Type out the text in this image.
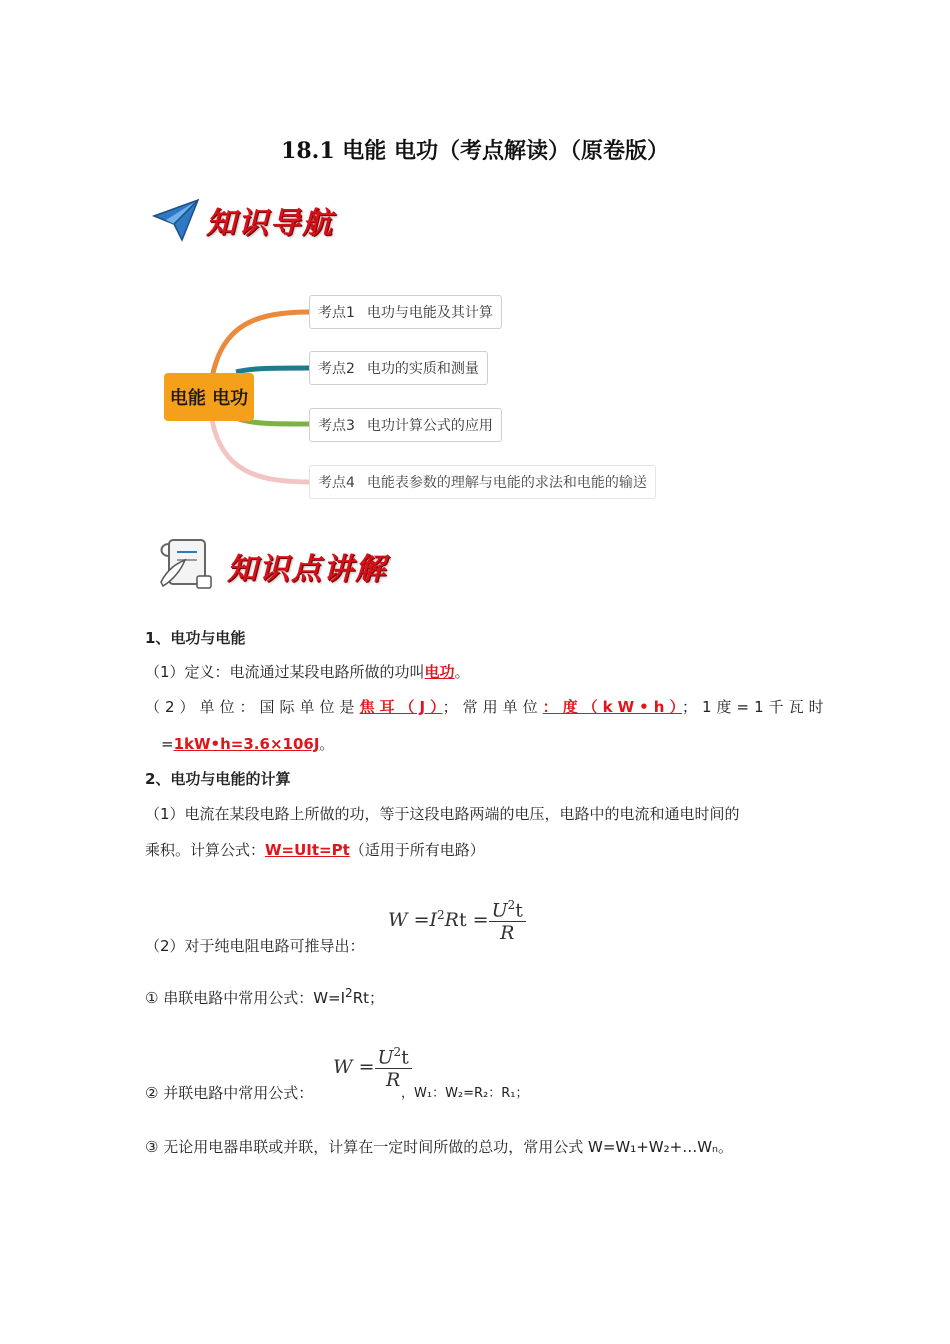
18.1 电能 电功（考点解读）（原卷版）
知识导航
电能 电功
考点1 电功与电能及其计算
考点2 电功的实质和测量
考点3 电功计算公式的应用
考点4 电能表参数的理解与电能的求法和电能的输送
知识点讲解
1、电功与电能
（1）定义：电流通过某段电路所做的功叫电功。
（2）单位：国际单位是焦耳（J）；常用单位：度（kW•h）；1度=1千瓦时
=1kW•h=3.6×106J。
2、电功与电能的计算
（1）电流在某段电路上所做的功，等于这段电路两端的电压，电路中的电流和通电时间的
乘积。计算公式：W=UIt=Pt（适用于所有电路）
（2）对于纯电阻电路可推导出：
$W =I^2Rt = \frac{U^2t}{R}$
① 串联电路中常用公式：$W=I^2Rt$；
② 并联电路中常用公式：
$W = \frac{U^2t}{R}$
，W₁：W₂=R₂：R₁；
③ 无论用电器串联或并联，计算在一定时间所做的总功，常用公式 W=W₁+W₂+…Wₙ。
